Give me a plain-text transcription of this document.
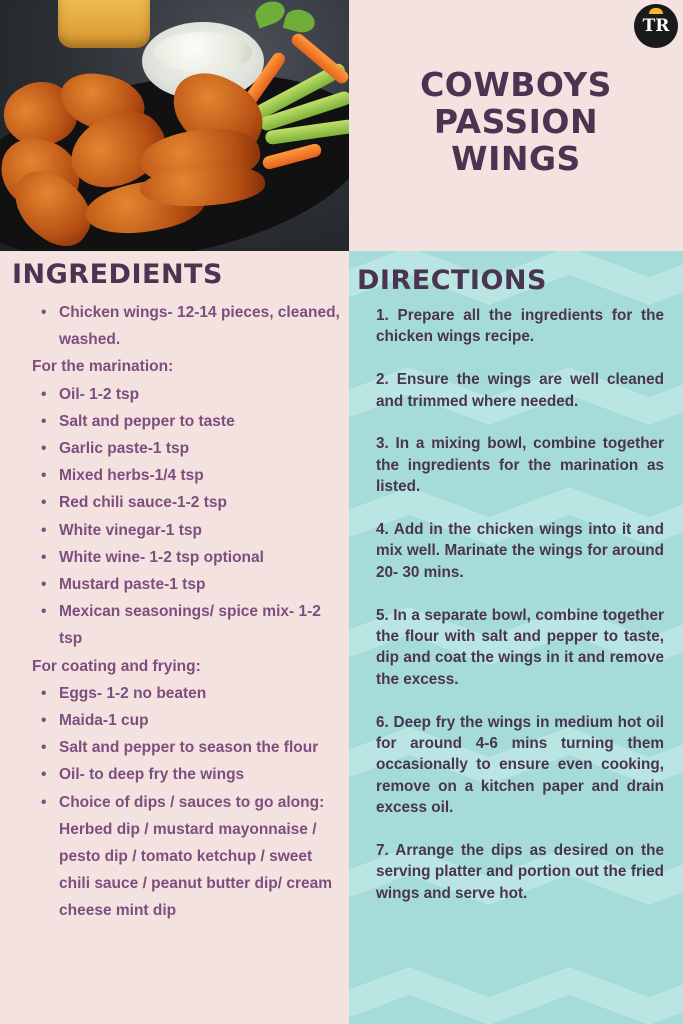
TR
COWBOYS
PASSION
WINGS
INGREDIENTS
• Chicken wings- 12-14 pieces, cleaned, washed.
For the marination:
• Oil- 1-2 tsp
• Salt and pepper to taste
• Garlic paste-1 tsp
• Mixed herbs-1/4 tsp
• Red chili sauce-1-2 tsp
• White vinegar-1 tsp
• White wine- 1-2 tsp optional
• Mustard paste-1 tsp
• Mexican seasonings/ spice mix- 1-2 tsp
For coating and frying:
• Eggs- 1-2 no beaten
• Maida-1 cup
• Salt and pepper to season the flour
• Oil- to deep fry the wings
• Choice of dips / sauces to go along: Herbed dip / mustard mayonnaise / pesto dip / tomato ketchup / sweet chili sauce / peanut butter dip/ cream cheese mint dip
DIRECTIONS

1. Prepare all the ingredients for the chicken wings recipe.

2. Ensure the wings are well cleaned and trimmed where needed.

3. In a mixing bowl, combine together the ingredients for the marination as listed.

4. Add in the chicken wings into it and mix well. Marinate the wings for around 20- 30 mins.

5. In a separate bowl, combine together the flour with salt and pepper to taste, dip and coat the wings in it and remove the excess.

6. Deep fry the wings in medium hot oil for around 4-6 mins turning them occasionally to ensure even cooking, remove on a kitchen paper and drain excess oil.

7. Arrange the dips as desired on the serving platter and portion out the fried wings and serve hot.
